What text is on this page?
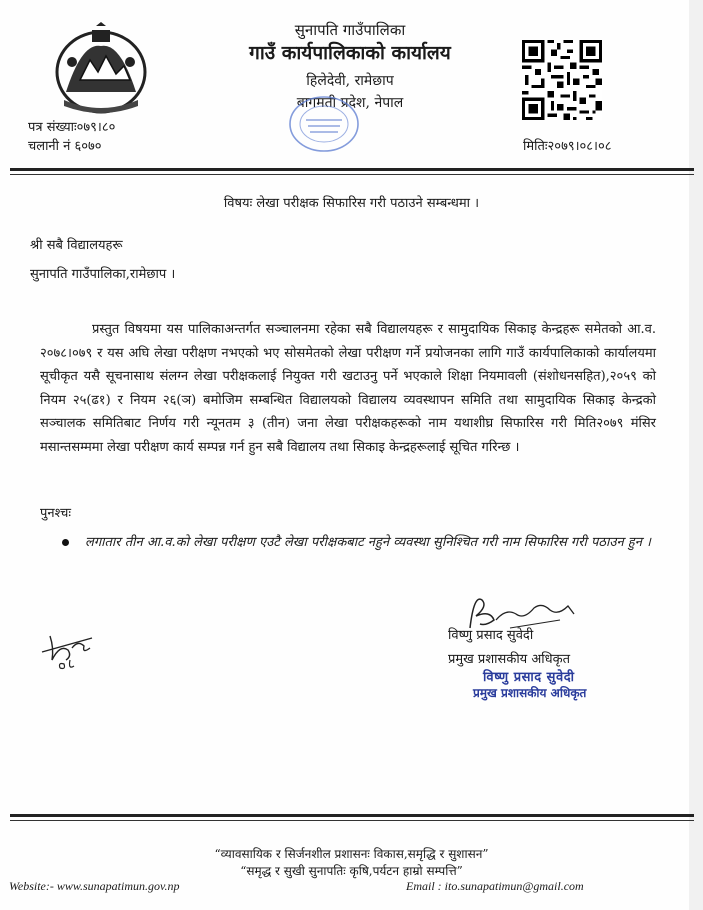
सुनापति गाउँपालिका
गाउँ कार्यपालिकाको कार्यालय
हिलेदेवी, रामेछाप
बागमती प्रदेश, नेपाल
पत्र संख्याः०७९।८०
चलानी नं ६०७०	मितिः२०७९।०८।०८
विषयः लेखा परीक्षक सिफारिस गरी पठाउने सम्बन्धमा ।
श्री सबै विद्यालयहरू
सुनापति गाउँपालिका,रामेछाप ।
प्रस्तुत विषयमा यस पालिकाअन्तर्गत सञ्चालनमा रहेका सबै विद्यालयहरू र सामुदायिक सिकाइ केन्द्रहरू समेतको आ.व. २०७८।०७९ र यस अघि लेखा परीक्षण नभएको भए सोसमेतको लेखा परीक्षण गर्ने प्रयोजनका लागि गाउँ कार्यपालिकाको कार्यालयमा सूचीकृत यसै सूचनासाथ संलग्न लेखा परीक्षकलाई नियुक्त गरी खटाउनु पर्ने भएकाले शिक्षा नियमावली (संशोधनसहित),२०५९ को नियम २५(ढ१) र नियम २६(ञ) बमोजिम सम्बन्धित विद्यालयको विद्यालय व्यवस्थापन समिति तथा सामुदायिक सिकाइ केन्द्रको सञ्चालक समितिबाट निर्णय गरी न्यूनतम ३ (तीन) जना लेखा परीक्षकहरूको नाम यथाशीघ्र सिफारिस गरी मिति२०७९ मंसिर मसान्तसम्ममा लेखा परीक्षण कार्य सम्पन्न गर्न हुन सबै विद्यालय तथा सिकाइ केन्द्रहरूलाई सूचित गरिन्छ ।
पुनश्चः
लगातार तीन आ.व.को लेखा परीक्षण एउटै लेखा परीक्षकबाट नहुने व्यवस्था सुनिश्चित गरी नाम सिफारिस गरी पठाउन हुन ।
विष्णु प्रसाद सुवेदी
प्रमुख प्रशासकीय अधिकृत
विष्णु प्रसाद सुवेदी
प्रमुख प्रशासकीय अधिकृत
“व्यावसायिक र सिर्जनशील प्रशासनः विकास,समृद्धि र सुशासन”
“समृद्ध र सुखी सुनापतिः कृषि,पर्यटन हाम्रो सम्पत्ति”
Website:- www.sunapatimun.gov.np	Email : ito.sunapatimun@gmail.com
